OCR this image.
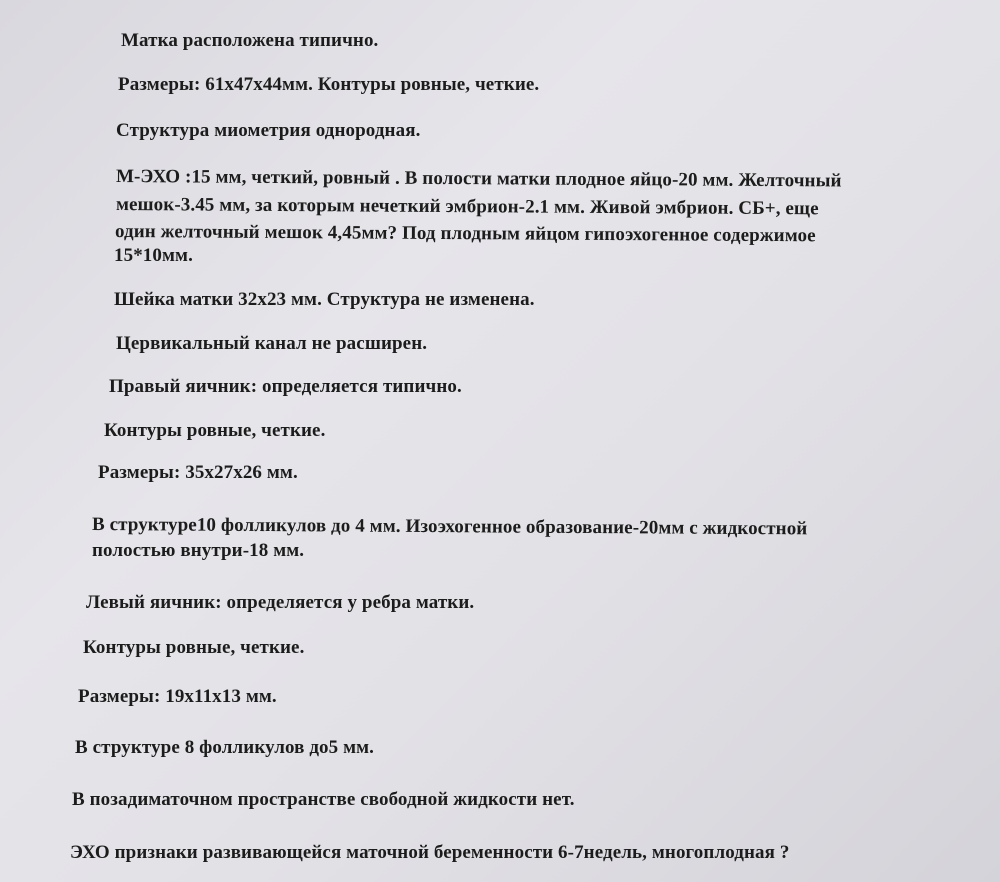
Матка расположена типично.
Размеры: 61х47х44мм. Контуры ровные, четкие.
Структура миометрия однородная.
М-ЭХО :15 мм, четкий, ровный . В полости матки плодное яйцо-20 мм. Желточный
мешок-3.45 мм, за которым нечеткий эмбрион-2.1 мм. Живой эмбрион. СБ+, еще
один желточный мешок 4,45мм? Под плодным яйцом гипоэхогенное содержимое
15*10мм.
Шейка матки 32х23 мм. Структура не изменена.
Цервикальный канал не расширен.
Правый яичник: определяется типично.
Контуры ровные, четкие.
Размеры: 35х27х26 мм.
В структуре10 фолликулов до 4 мм. Изоэхогенное образование-20мм с жидкостной
полостью внутри-18 мм.
Левый яичник: определяется у ребра матки.
Контуры ровные, четкие.
Размеры: 19х11х13 мм.
В структуре 8 фолликулов до5 мм.
В позадиматочном пространстве свободной жидкости нет.
ЭХО признаки развивающейся маточной беременности 6-7недель, многоплодная ?
